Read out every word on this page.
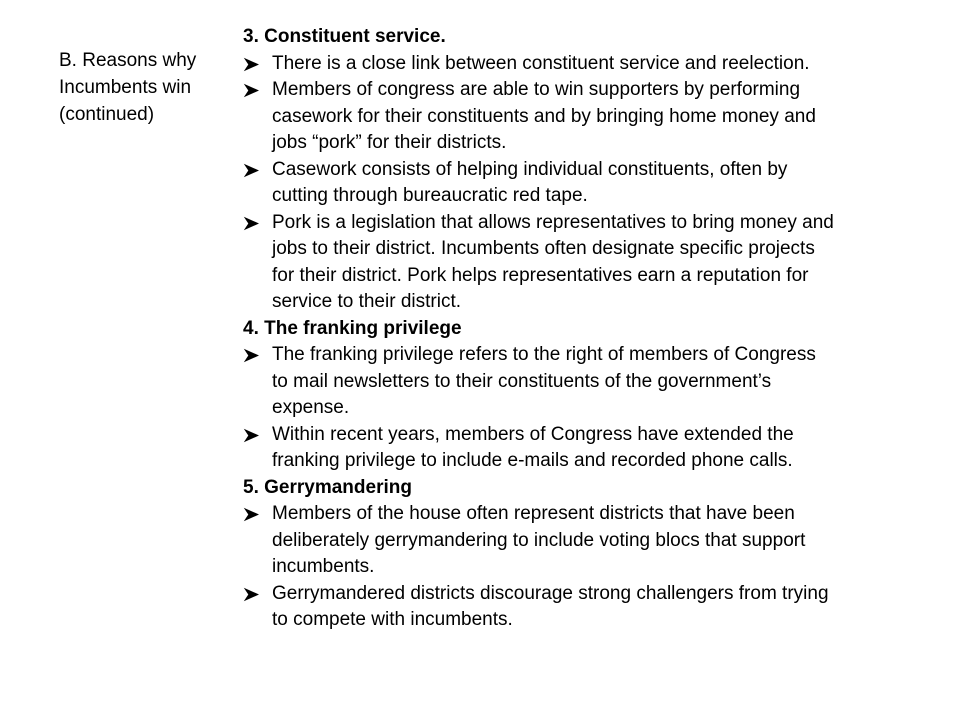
B. Reasons why
Incumbents win
(continued)

3. Constituent service.

There is a close link between constituent service and reelection.
Members of congress are able to win supporters by performing
casework for their constituents and by bringing home money and
jobs “pork” for their districts.
Casework consists of helping individual constituents, often by
cutting through bureaucratic red tape.
Pork is a legislation that allows representatives to bring money and
jobs to their district. Incumbents often designate specific projects
for their district. Pork helps representatives earn a reputation for
service to their district.

4. The franking privilege

The franking privilege refers to the right of members of Congress
to mail newsletters to their constituents of the government’s
expense.
Within recent years, members of Congress have extended the
franking privilege to include e-mails and recorded phone calls.

5. Gerrymandering

Members of the house often represent districts that have been
deliberately gerrymandering to include voting blocs that support
incumbents.
Gerrymandered districts discourage strong challengers from trying
to compete with incumbents.
